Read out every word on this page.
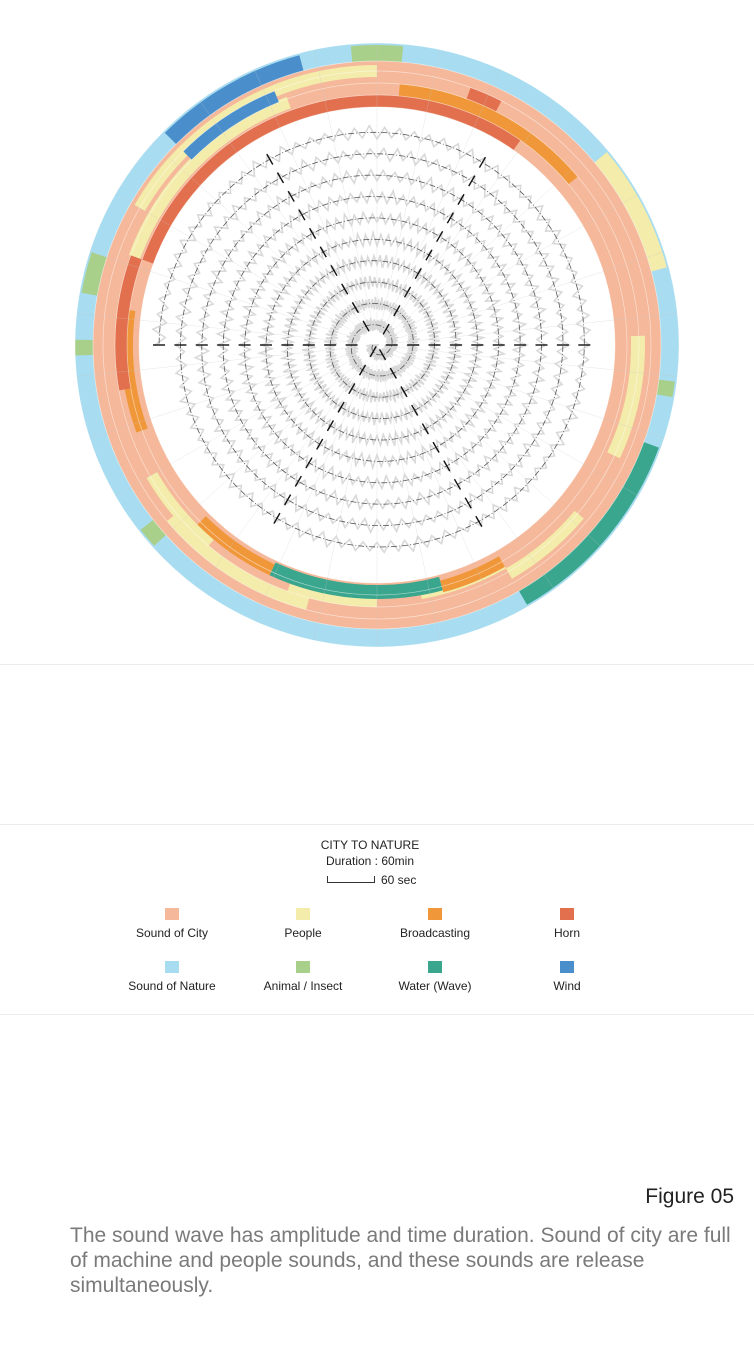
CITY TO NATURE
Duration : 60min
60 sec
Sound of City	People	Broadcasting	Horn
Sound of Nature	Animal / Insect	Water (Wave)	Wind
Figure 05
The sound wave has amplitude and time duration. Sound of city are full of machine and people sounds, and these sounds are release simultaneously.
